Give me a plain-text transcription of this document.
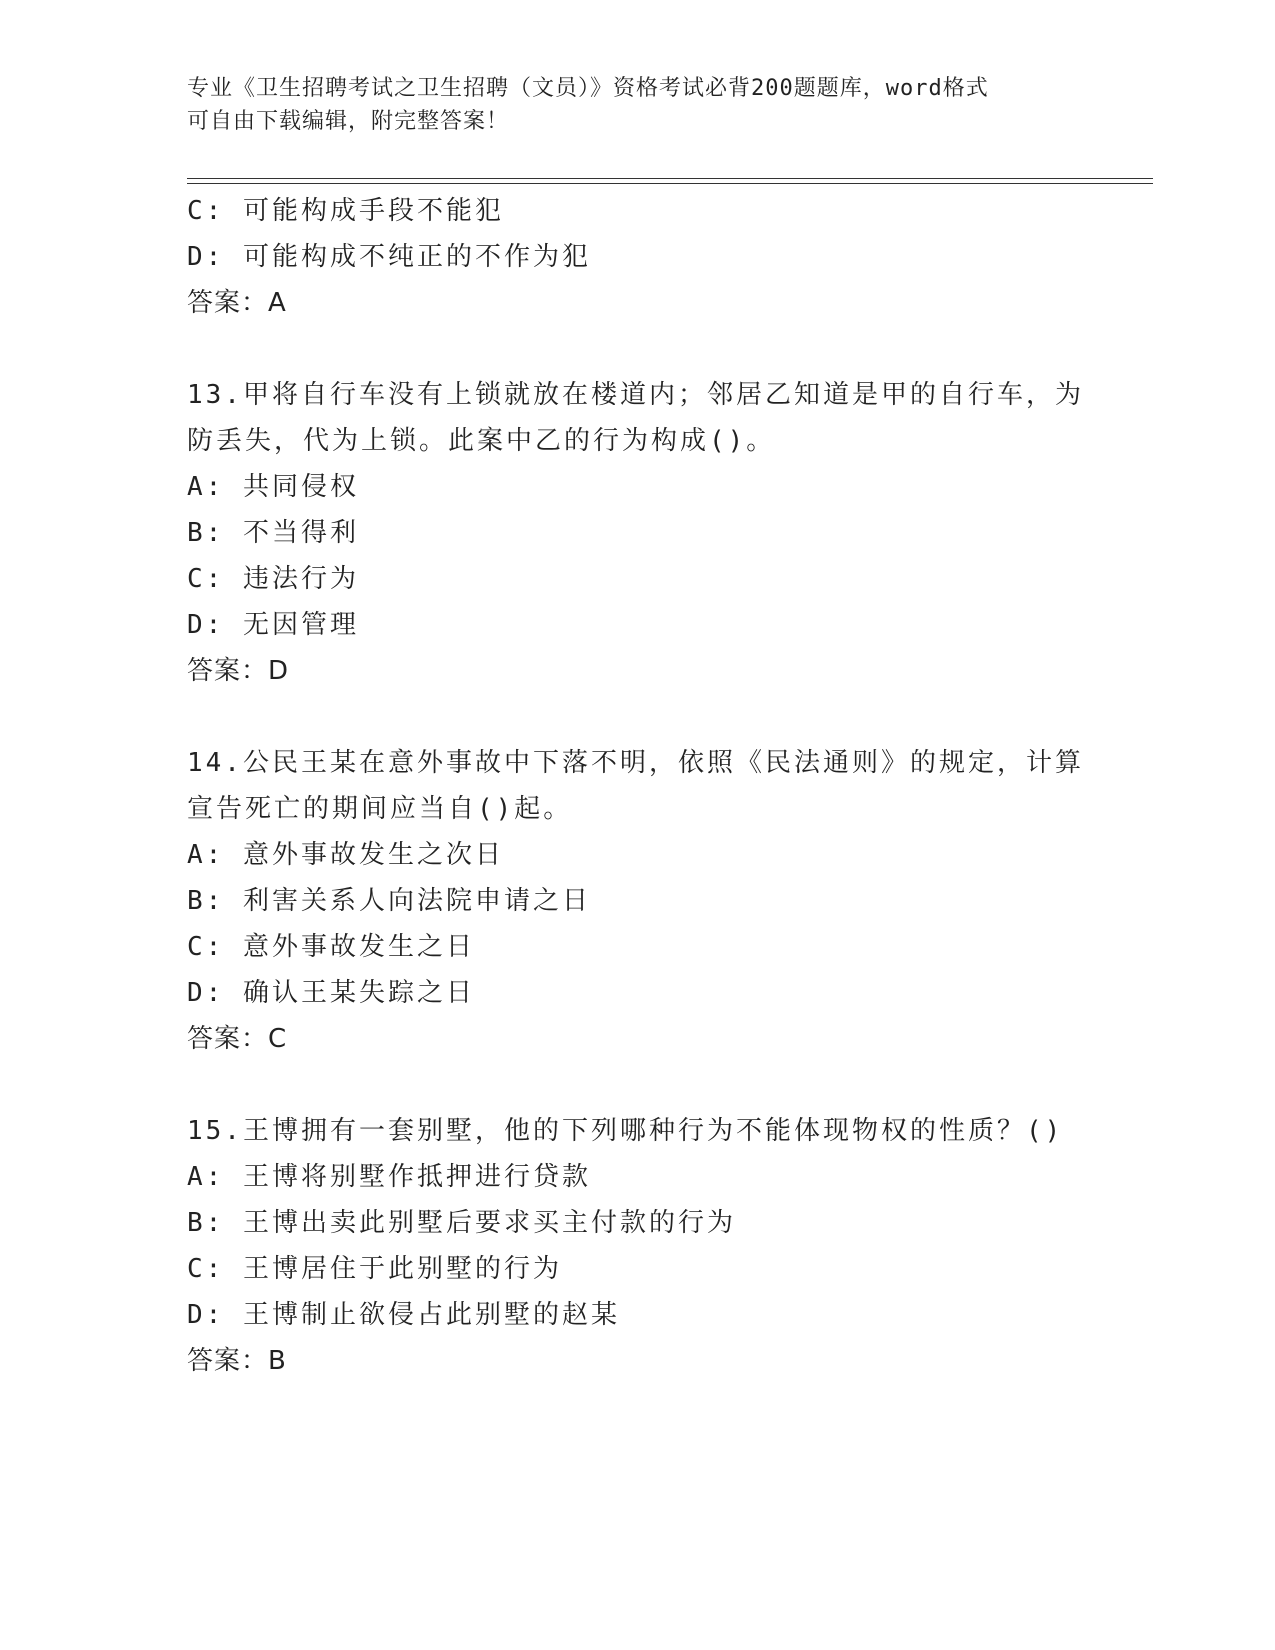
专业《卫生招聘考试之卫生招聘（文员）》资格考试必背200题题库，word格式
可自由下载编辑，附完整答案！
C: 可能构成手段不能犯
D: 可能构成不纯正的不作为犯
答案：A
13.甲将自行车没有上锁就放在楼道内；邻居乙知道是甲的自行车，为
防丢失，代为上锁。此案中乙的行为构成()。
A: 共同侵权
B: 不当得利
C: 违法行为
D: 无因管理
答案：D
14.公民王某在意外事故中下落不明，依照《民法通则》的规定，计算
宣告死亡的期间应当自()起。
A: 意外事故发生之次日
B: 利害关系人向法院申请之日
C: 意外事故发生之日
D: 确认王某失踪之日
答案：C
15.王博拥有一套别墅，他的下列哪种行为不能体现物权的性质？()
A: 王博将别墅作抵押进行贷款
B: 王博出卖此别墅后要求买主付款的行为
C: 王博居住于此别墅的行为
D: 王博制止欲侵占此别墅的赵某
答案：B
